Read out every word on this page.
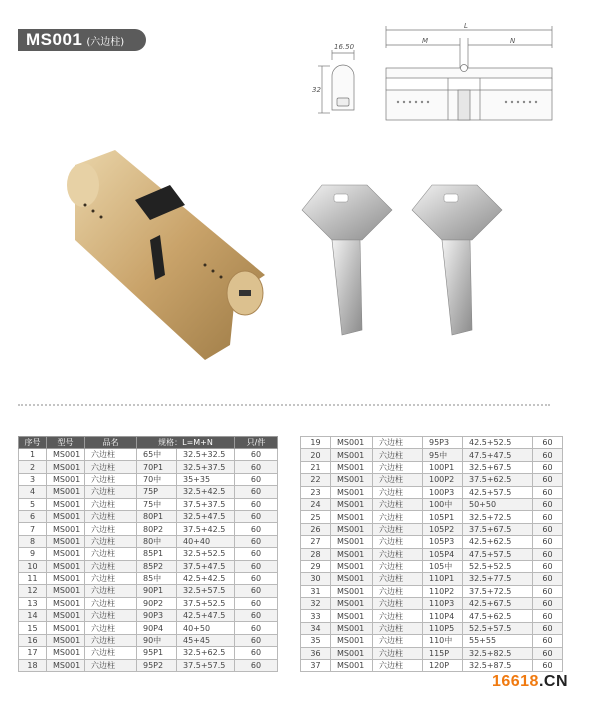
MS001 (六边柱)	16.50
32
L
M	N
序号	型号	品名	规格：L=M+N		只/件
1	MS001	六边柱	65中	32.5+32.5	60
2	MS001	六边柱	70P1	32.5+37.5	60
3	MS001	六边柱	70中	35+35	60
4	MS001	六边柱	75P	32.5+42.5	60
5	MS001	六边柱	75中	37.5+37.5	60
6	MS001	六边柱	80P1	32.5+47.5	60
7	MS001	六边柱	80P2	37.5+42.5	60
8	MS001	六边柱	80中	40+40	60
9	MS001	六边柱	85P1	32.5+52.5	60
10	MS001	六边柱	85P2	37.5+47.5	60
11	MS001	六边柱	85中	42.5+42.5	60
12	MS001	六边柱	90P1	32.5+57.5	60
13	MS001	六边柱	90P2	37.5+52.5	60
14	MS001	六边柱	90P3	42.5+47.5	60
15	MS001	六边柱	90P4	40+50	60
16	MS001	六边柱	90中	45+45	60
17	MS001	六边柱	95P1	32.5+62.5	60
18	MS001	六边柱	95P2	37.5+57.5	60
19	MS001	六边柱	95P3	42.5+52.5	60
20	MS001	六边柱	95中	47.5+47.5	60
21	MS001	六边柱	100P1	32.5+67.5	60
22	MS001	六边柱	100P2	37.5+62.5	60
23	MS001	六边柱	100P3	42.5+57.5	60
24	MS001	六边柱	100中	50+50	60
25	MS001	六边柱	105P1	32.5+72.5	60
26	MS001	六边柱	105P2	37.5+67.5	60
27	MS001	六边柱	105P3	42.5+62.5	60
28	MS001	六边柱	105P4	47.5+57.5	60
29	MS001	六边柱	105中	52.5+52.5	60
30	MS001	六边柱	110P1	32.5+77.5	60
31	MS001	六边柱	110P2	37.5+72.5	60
32	MS001	六边柱	110P3	42.5+67.5	60
33	MS001	六边柱	110P4	47.5+62.5	60
34	MS001	六边柱	110P5	52.5+57.5	60
35	MS001	六边柱	110中	55+55	60
36	MS001	六边柱	115P	32.5+82.5	60
37	MS001	六边柱	120P	32.5+87.5	60
16618.CN
